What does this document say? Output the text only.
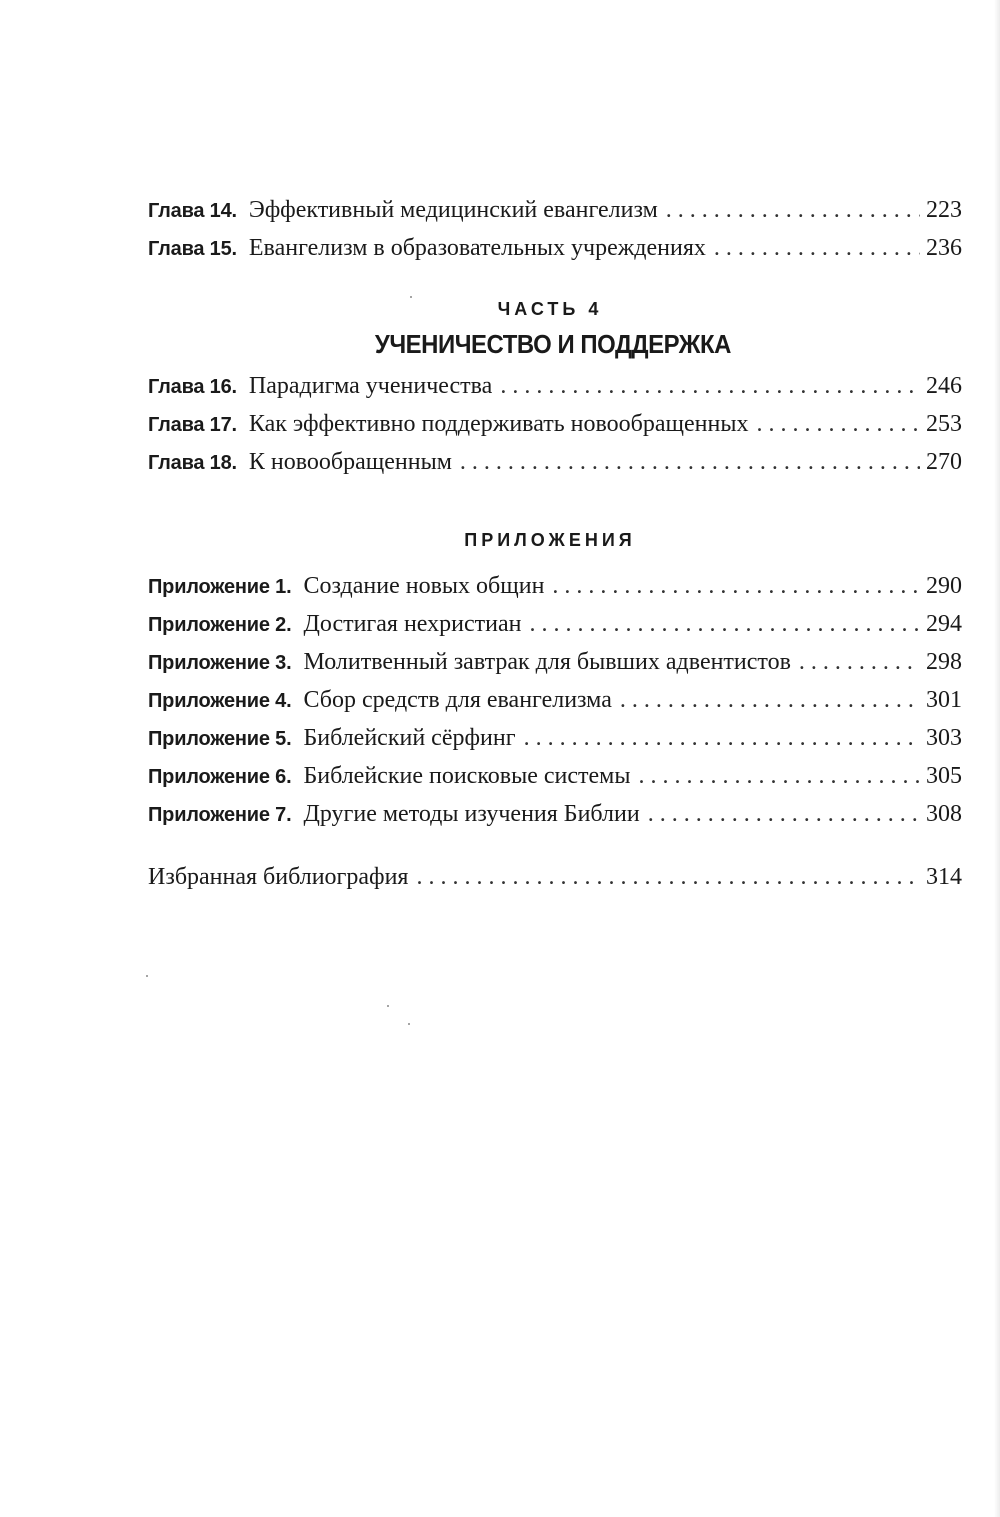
Глава 14. Эффективный медицинский евангелизм . . .	223
Глава 15. Евангелизм в образовательных учреждениях . . .	236
ЧАСТЬ 4
УЧЕНИЧЕСТВО И ПОДДЕРЖКА
Глава 16. Парадигма ученичества . . .	246
Глава 17. Как эффективно поддерживать новообращенных . . .	253
Глава 18. К новообращенным . . .	270
ПРИЛОЖЕНИЯ
Приложение 1. Создание новых общин . . .	290
Приложение 2. Достигая нехристиан . . .	294
Приложение 3. Молитвенный завтрак для бывших адвентистов . . .	298
Приложение 4. Сбор средств для евангелизма . . .	301
Приложение 5. Библейский сёрфинг . . .	303
Приложение 6. Библейские поисковые системы . . .	305
Приложение 7. Другие методы изучения Библии . . .	308
Избранная библиография . . .	314
